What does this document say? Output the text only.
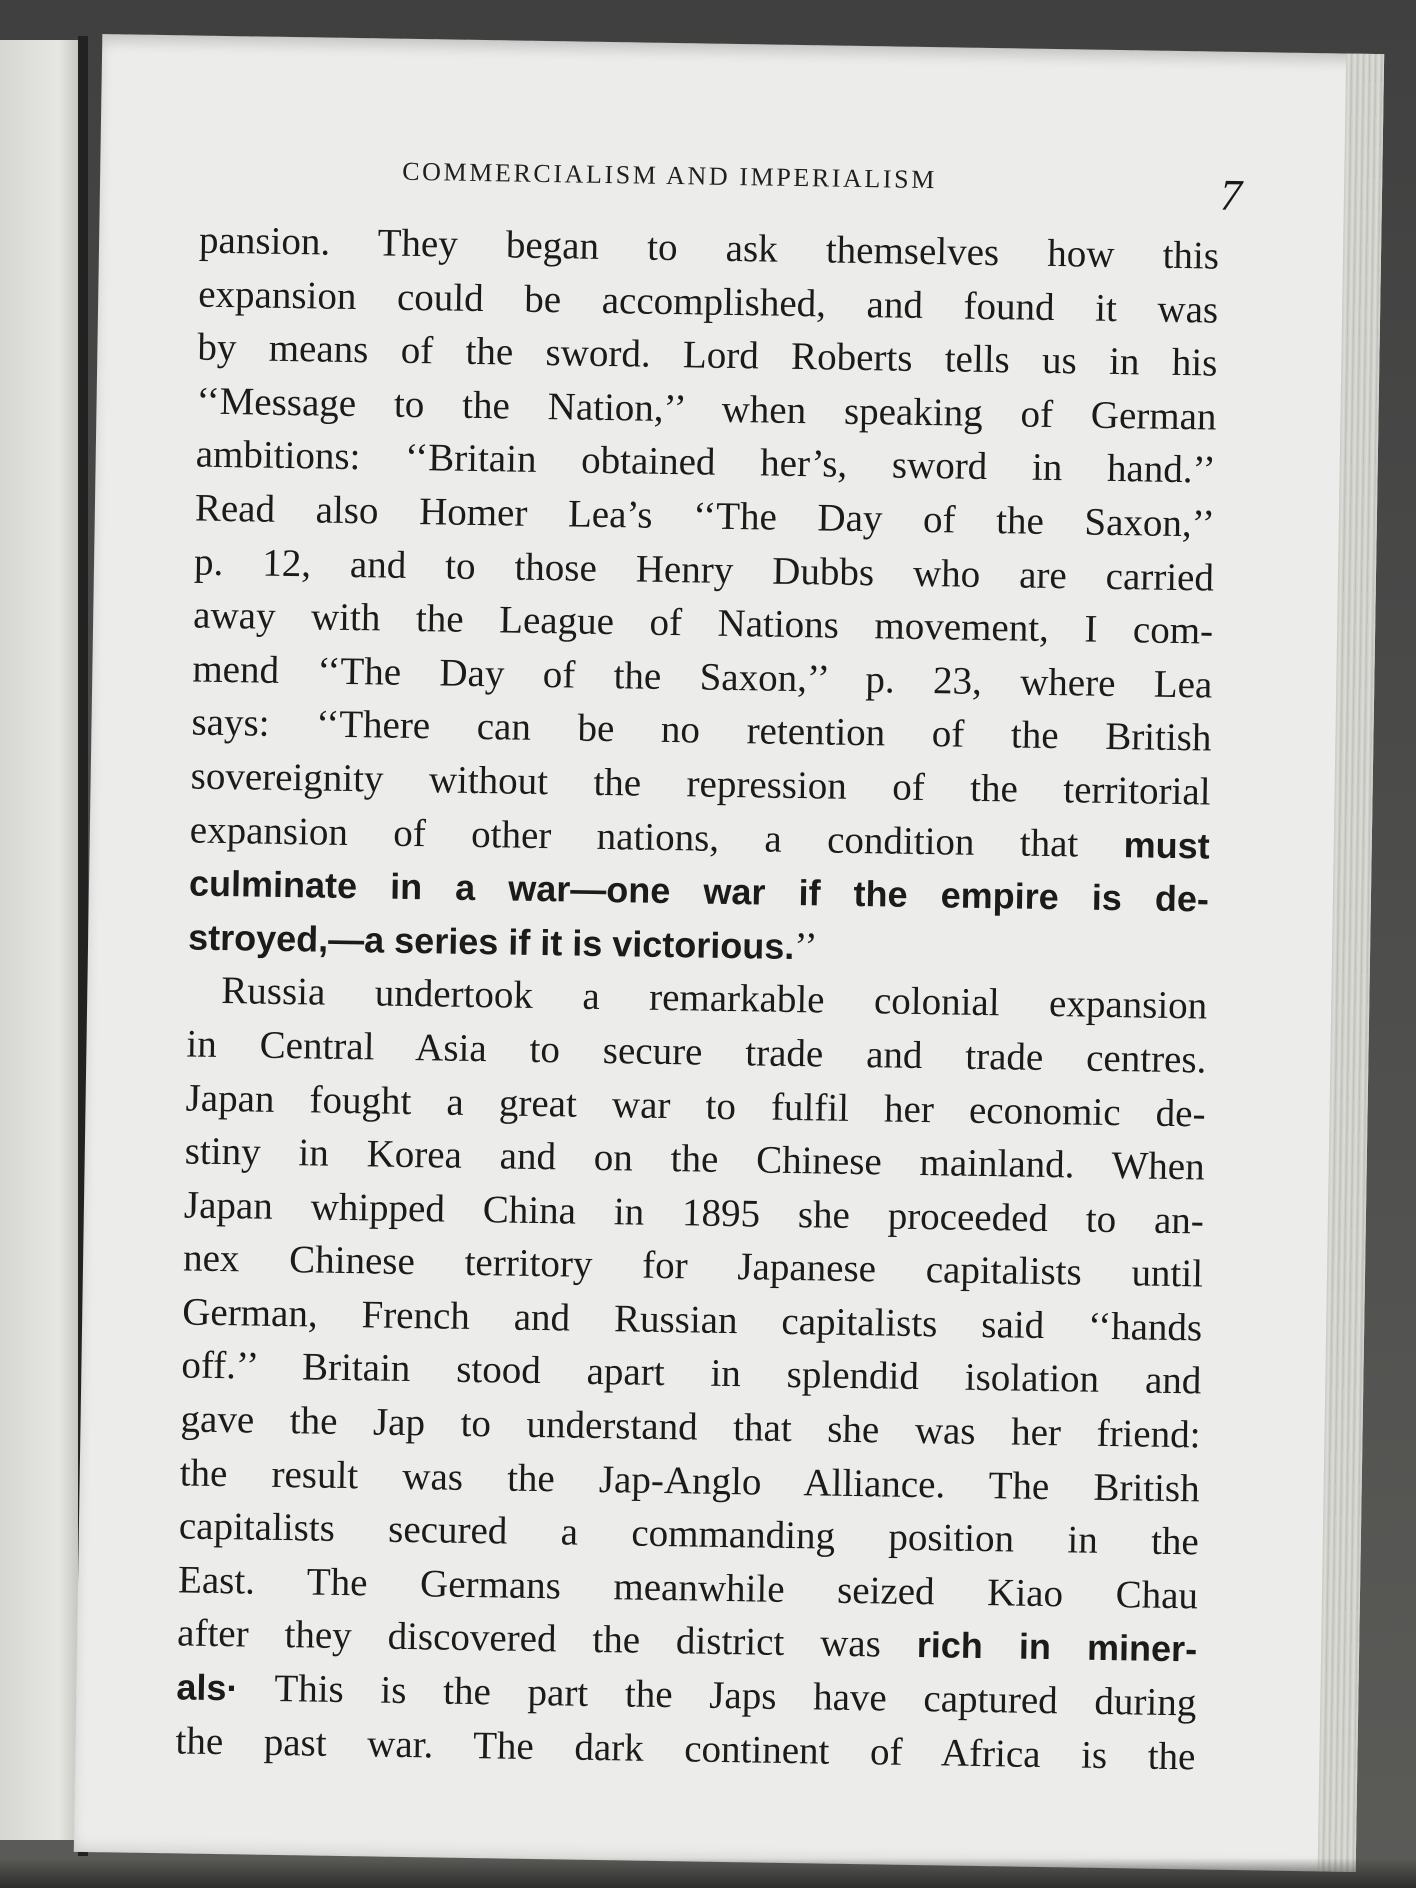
COMMERCIALISM AND IMPERIALISM	7
pansion. They began to ask themselves how this
expansion could be accomplished, and found it was
by means of the sword. Lord Roberts tells us in his
‘‘Message to the Nation,’’ when speaking of German
ambitions: ‘‘Britain obtained her’s, sword in hand.’’
Read also Homer Lea’s ‘‘The Day of the Saxon,’’
p. 12, and to those Henry Dubbs who are carried
away with the League of Nations movement, I com-
mend ‘‘The Day of the Saxon,’’ p. 23, where Lea
says: ‘‘There can be no retention of the British
sovereignity without the repression of the territorial
expansion of other nations, a condition that must
culminate in a war—one war if the empire is de-
stroyed,—a series if it is victorious.’’
Russia undertook a remarkable colonial expansion
in Central Asia to secure trade and trade centres.
Japan fought a great war to fulfil her economic de-
stiny in Korea and on the Chinese mainland. When
Japan whipped China in 1895 she proceeded to an-
nex Chinese territory for Japanese capitalists until
German, French and Russian capitalists said ‘‘hands
off.’’ Britain stood apart in splendid isolation and
gave the Jap to understand that she was her friend:
the result was the Jap-Anglo Alliance. The British
capitalists secured a commanding position in the
East. The Germans meanwhile seized Kiao Chau
after they discovered the district was rich in miner-
als· This is the part the Japs have captured during
the past war. The dark continent of Africa is the
